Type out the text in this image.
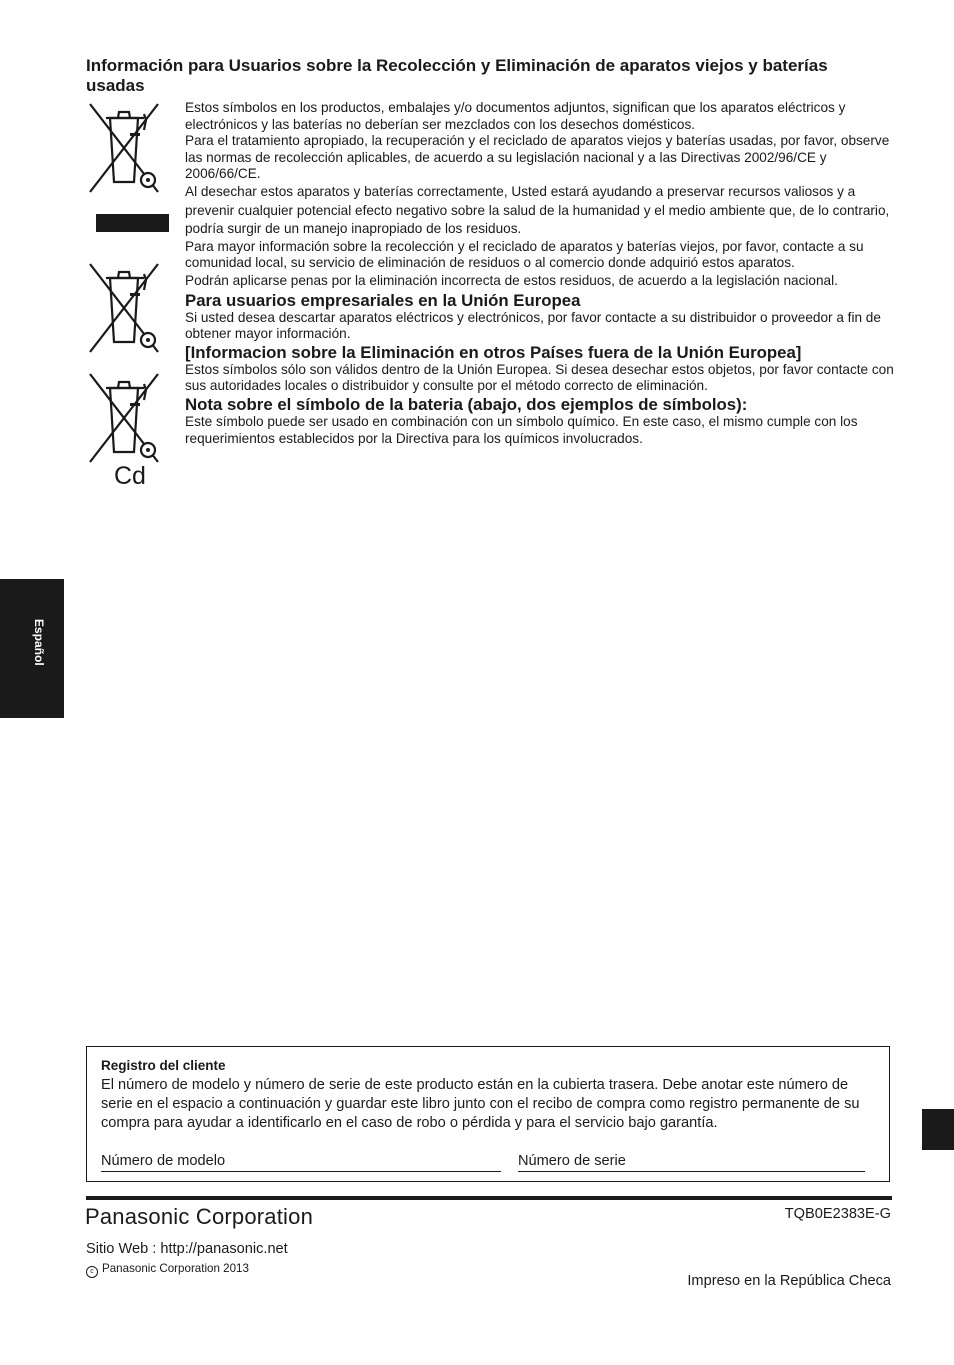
Información para Usuarios sobre la Recolección y Eliminación de aparatos viejos y baterías usadas
Cd

Estos símbolos en los productos, embalajes y/o documentos adjuntos, significan que los aparatos eléctricos y electrónicos y las baterías no deberían ser mezclados con los desechos domésticos.

Para el tratamiento apropiado, la recuperación y el reciclado de aparatos viejos y baterías usadas, por favor, observe las normas de recolección aplicables, de acuerdo a su legislación nacional y a las Directivas 2002/96/CE y 2006/66/CE.

Al desechar estos aparatos y baterías correctamente, Usted estará ayudando a preservar recursos valiosos y a prevenir cualquier potencial efecto negativo sobre la salud de la humanidad y el medio ambiente que, de lo contrario, podría surgir de un manejo inapropiado de los residuos.

Para mayor información sobre la recolección y el reciclado de aparatos y baterías viejos, por favor, contacte a su comunidad local, su servicio de eliminación de residuos o al comercio donde adquirió estos aparatos.

Podrán aplicarse penas por la eliminación incorrecta de estos residuos, de acuerdo a la legislación nacional.

Para usuarios empresariales en la Unión Europea

Si usted desea descartar aparatos eléctricos y electrónicos, por favor contacte a su distribuidor o proveedor a fin de obtener mayor información.

[Informacion sobre la Eliminación en otros Países fuera de la Unión Europea]

Estos símbolos sólo son válidos dentro de la Unión Europea. Si desea desechar estos objetos, por favor contacte con sus autoridades locales o distribuidor y consulte por el método correcto de eliminación.

Nota sobre el símbolo de la bateria (abajo, dos ejemplos de símbolos):

Este símbolo puede ser usado en combinación con un símbolo químico. En este caso, el mismo cumple con los requerimientos establecidos por la Directiva para los químicos involucrados.

Español
Registro del cliente
El número de modelo y número de serie de este producto están en la cubierta trasera. Debe anotar este número de serie en el espacio a continuación y guardar este libro junto con el recibo de compra como registro permanente de su compra para ayudar a identificarlo en el caso de robo o pérdida y para el servicio bajo garantía.
Número de modelo	Número de serie
Panasonic Corporation	TQB0E2383E-G
Sitio Web : http://panasonic.net
c Panasonic Corporation 2013
Impreso en la República Checa
